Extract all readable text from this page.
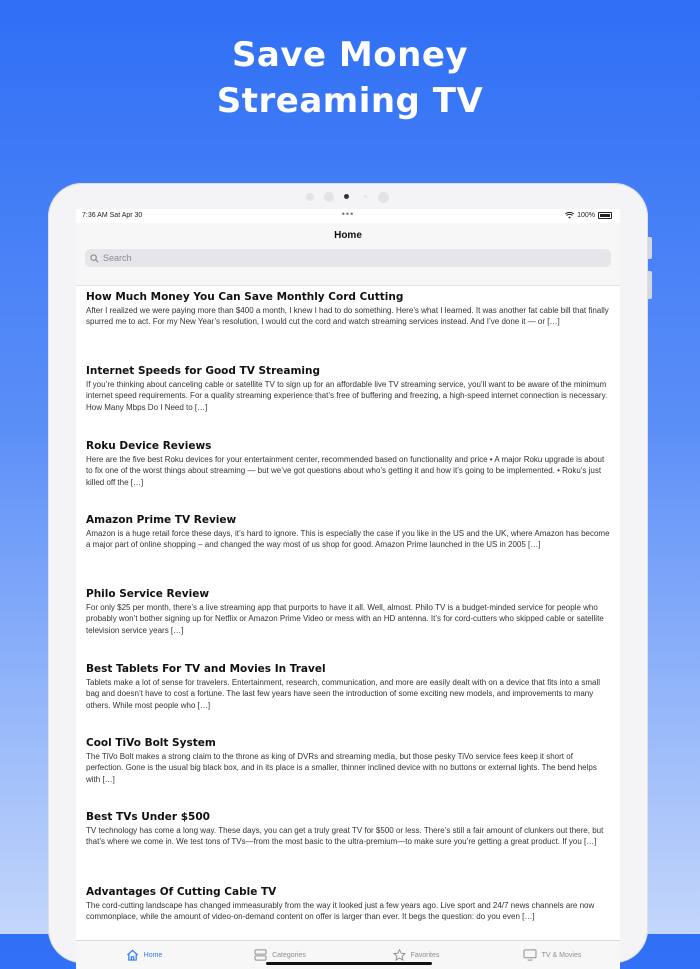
Save Money
Streaming TV
7:36 AM Sat Apr 30	•••	100%
Home
Search
How Much Money You Can Save Monthly Cord Cutting

After I realized we were paying more than $400 a month, I knew I had to do something. Here’s what I learned. It was another fat cable bill that finally spurred me to act. For my New Year’s resolution, I would cut the cord and watch streaming services instead. And I’ve done it — or […]

Internet Speeds for Good TV Streaming

If you’re thinking about canceling cable or satellite TV to sign up for an affordable live TV streaming service, you’ll want to be aware of the minimum internet speed requirements. For a quality streaming experience that’s free of buffering and freezing, a high-speed internet connection is necessary. How Many Mbps Do I Need to […]

Roku Device Reviews

Here are the five best Roku devices for your entertainment center, recommended based on functionality and price • A major Roku upgrade is about to fix one of the worst things about streaming — but we’ve got questions about who’s getting it and how it’s going to be implemented. • Roku’s just killed off the […]

Amazon Prime TV Review

Amazon is a huge retail force these days, it’s hard to ignore. This is especially the case if you like in the US and the UK, where Amazon has become a major part of online shopping – and changed the way most of us shop for good. Amazon Prime launched in the US in 2005 […]

Philo Service Review

For only $25 per month, there’s a live streaming app that purports to have it all. Well, almost. Philo TV is a budget-minded service for people who probably won’t bother signing up for Netflix or Amazon Prime Video or mess with an HD antenna. It’s for cord-cutters who skipped cable or satellite television service years […]

Best Tablets For TV and Movies In Travel

Tablets make a lot of sense for travelers. Entertainment, research, communication, and more are easily dealt with on a device that fits into a small bag and doesn’t have to cost a fortune. The last few years have seen the introduction of some exciting new models, and improvements to many others. While most people who […]

Cool TiVo Bolt System

The TiVo Bolt makes a strong claim to the throne as king of DVRs and streaming media, but those pesky TiVo service fees keep it short of perfection. Gone is the usual big black box, and in its place is a smaller, thinner inclined device with no buttons or external lights. The bend helps with […]

Best TVs Under $500

TV technology has come a long way. These days, you can get a truly great TV for $500 or less. There’s still a fair amount of clunkers out there, but that’s where we come in. We test tons of TVs—from the most basic to the ultra-premium—to make sure you’re getting a great product. If you […]

Advantages Of Cutting Cable TV

The cord-cutting landscape has changed immeasurably from the way it looked just a few years ago. Live sport and 24/7 news channels are now commonplace, while the amount of video-on-demand content on offer is larger than ever. It begs the question: do you even […]

Home	Categories	Favorites	TV & Movies
